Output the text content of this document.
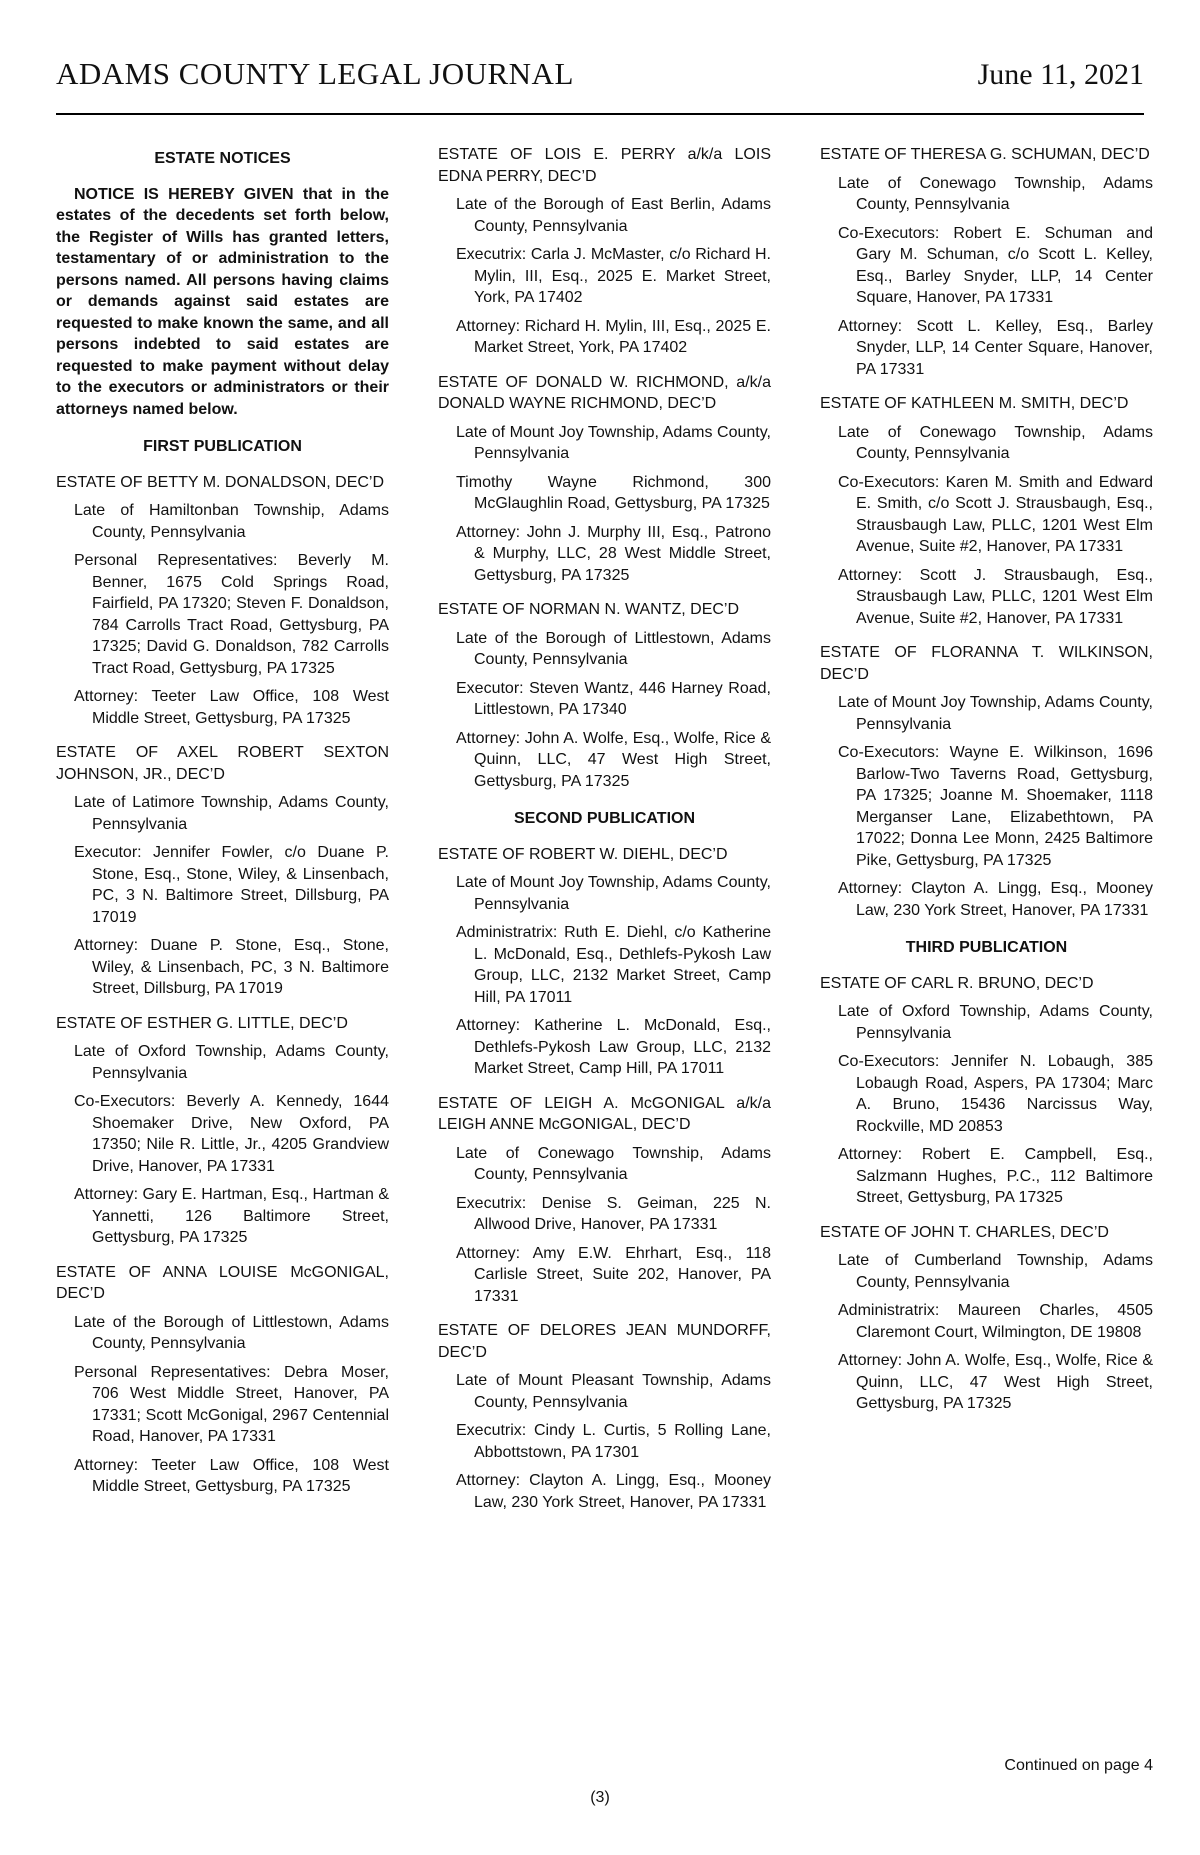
ADAMS COUNTY LEGAL JOURNAL	June 11, 2021
ESTATE NOTICES

NOTICE IS HEREBY GIVEN that in the estates of the decedents set forth below, the Register of Wills has granted letters, testamentary of or administration to the persons named. All persons having claims or demands against said estates are requested to make known the same, and all persons indebted to said estates are requested to make payment without delay to the executors or administrators or their attorneys named below.

FIRST PUBLICATION
ESTATE OF BETTY M. DONALDSON, DEC’D

Late of Hamiltonban Township, Adams County, Pennsylvania

Personal Representatives: Beverly M. Benner, 1675 Cold Springs Road, Fairfield, PA 17320; Steven F. Donaldson, 784 Carrolls Tract Road, Gettysburg, PA 17325; David G. Donaldson, 782 Carrolls Tract Road, Gettysburg, PA 17325

Attorney: Teeter Law Office, 108 West Middle Street, Gettysburg, PA 17325

ESTATE OF AXEL ROBERT SEXTON JOHNSON, JR., DEC’D

Late of Latimore Township, Adams County, Pennsylvania

Executor: Jennifer Fowler, c/o Duane P. Stone, Esq., Stone, Wiley, & Linsenbach, PC, 3 N. Baltimore Street, Dillsburg, PA 17019

Attorney: Duane P. Stone, Esq., Stone, Wiley, & Linsenbach, PC, 3 N. Baltimore Street, Dillsburg, PA 17019

ESTATE OF ESTHER G. LITTLE, DEC’D

Late of Oxford Township, Adams County, Pennsylvania

Co-Executors: Beverly A. Kennedy, 1644 Shoemaker Drive, New Oxford, PA 17350; Nile R. Little, Jr., 4205 Grandview Drive, Hanover, PA 17331

Attorney: Gary E. Hartman, Esq., Hartman & Yannetti, 126 Baltimore Street, Gettysburg, PA 17325

ESTATE OF ANNA LOUISE McGONIGAL, DEC’D

Late of the Borough of Littlestown, Adams County, Pennsylvania

Personal Representatives: Debra Moser, 706 West Middle Street, Hanover, PA 17331; Scott McGonigal, 2967 Centennial Road, Hanover, PA 17331

Attorney: Teeter Law Office, 108 West Middle Street, Gettysburg, PA 17325

ESTATE OF LOIS E. PERRY a/k/a LOIS EDNA PERRY, DEC’D

Late of the Borough of East Berlin, Adams County, Pennsylvania

Executrix: Carla J. McMaster, c/o Richard H. Mylin, III, Esq., 2025 E. Market Street, York, PA 17402

Attorney: Richard H. Mylin, III, Esq., 2025 E. Market Street, York, PA 17402

ESTATE OF DONALD W. RICHMOND, a/k/a DONALD WAYNE RICHMOND, DEC’D

Late of Mount Joy Township, Adams County, Pennsylvania

Timothy Wayne Richmond, 300 McGlaughlin Road, Gettysburg, PA 17325

Attorney: John J. Murphy III, Esq., Patrono & Murphy, LLC, 28 West Middle Street, Gettysburg, PA 17325

ESTATE OF NORMAN N. WANTZ, DEC’D

Late of the Borough of Littlestown, Adams County, Pennsylvania

Executor: Steven Wantz, 446 Harney Road, Littlestown, PA 17340

Attorney: John A. Wolfe, Esq., Wolfe, Rice & Quinn, LLC, 47 West High Street, Gettysburg, PA 17325

SECOND PUBLICATION
ESTATE OF ROBERT W. DIEHL, DEC’D

Late of Mount Joy Township, Adams County, Pennsylvania

Administratrix: Ruth E. Diehl, c/o Katherine L. McDonald, Esq., Dethlefs-Pykosh Law Group, LLC, 2132 Market Street, Camp Hill, PA 17011

Attorney: Katherine L. McDonald, Esq., Dethlefs-Pykosh Law Group, LLC, 2132 Market Street, Camp Hill, PA 17011

ESTATE OF LEIGH A. McGONIGAL a/k/a LEIGH ANNE McGONIGAL, DEC’D

Late of Conewago Township, Adams County, Pennsylvania

Executrix: Denise S. Geiman, 225 N. Allwood Drive, Hanover, PA 17331

Attorney: Amy E.W. Ehrhart, Esq., 118 Carlisle Street, Suite 202, Hanover, PA 17331

ESTATE OF DELORES JEAN MUNDORFF, DEC’D

Late of Mount Pleasant Township, Adams County, Pennsylvania

Executrix: Cindy L. Curtis, 5 Rolling Lane, Abbottstown, PA 17301

Attorney: Clayton A. Lingg, Esq., Mooney Law, 230 York Street, Hanover, PA 17331

ESTATE OF THERESA G. SCHUMAN, DEC’D

Late of Conewago Township, Adams County, Pennsylvania

Co-Executors: Robert E. Schuman and Gary M. Schuman, c/o Scott L. Kelley, Esq., Barley Snyder, LLP, 14 Center Square, Hanover, PA 17331

Attorney: Scott L. Kelley, Esq., Barley Snyder, LLP, 14 Center Square, Hanover, PA 17331

ESTATE OF KATHLEEN M. SMITH, DEC’D

Late of Conewago Township, Adams County, Pennsylvania

Co-Executors: Karen M. Smith and Edward E. Smith, c/o Scott J. Strausbaugh, Esq., Strausbaugh Law, PLLC, 1201 West Elm Avenue, Suite #2, Hanover, PA 17331

Attorney: Scott J. Strausbaugh, Esq., Strausbaugh Law, PLLC, 1201 West Elm Avenue, Suite #2, Hanover, PA 17331

ESTATE OF FLORANNA T. WILKINSON, DEC’D

Late of Mount Joy Township, Adams County, Pennsylvania

Co-Executors: Wayne E. Wilkinson, 1696 Barlow-Two Taverns Road, Gettysburg, PA 17325; Joanne M. Shoemaker, 1118 Merganser Lane, Elizabethtown, PA 17022; Donna Lee Monn, 2425 Baltimore Pike, Gettysburg, PA 17325

Attorney: Clayton A. Lingg, Esq., Mooney Law, 230 York Street, Hanover, PA 17331

THIRD PUBLICATION
ESTATE OF CARL R. BRUNO, DEC’D

Late of Oxford Township, Adams County, Pennsylvania

Co-Executors: Jennifer N. Lobaugh, 385 Lobaugh Road, Aspers, PA 17304; Marc A. Bruno, 15436 Narcissus Way, Rockville, MD 20853

Attorney: Robert E. Campbell, Esq., Salzmann Hughes, P.C., 112 Baltimore Street, Gettysburg, PA 17325

ESTATE OF JOHN T. CHARLES, DEC’D

Late of Cumberland Township, Adams County, Pennsylvania

Administratrix: Maureen Charles, 4505 Claremont Court, Wilmington, DE 19808

Attorney: John A. Wolfe, Esq., Wolfe, Rice & Quinn, LLC, 47 West High Street, Gettysburg, PA 17325

Continued on page 4
(3)
